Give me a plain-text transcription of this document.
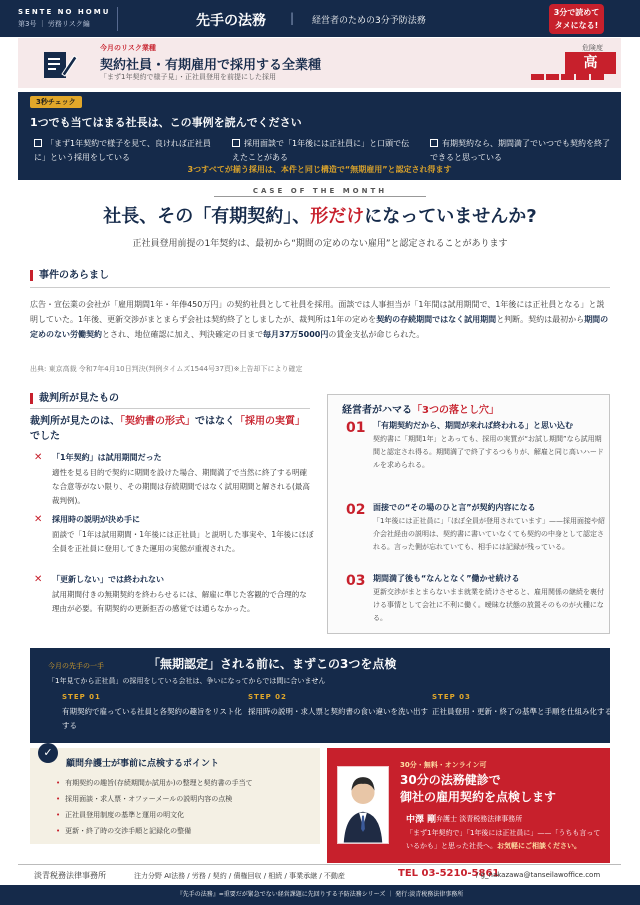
SENTE NO HOMU
第3号 ｜ 労務リスク編	先手の法務 | 経営者のための3分予防法務
3分で読めて
タメになる!
今月のリスク業種
契約社員・有期雇用で採用する全業種
「まず1年契約で様子見」・正社員登用を前提にした採用
危険度
高
3秒チェック
1つでも当てはまる社長は、この事例を読んでください
「まず1年契約で様子を見て、良ければ正社員に」という採用をしている
採用面談で「1年後には正社員に」と口頭で伝えたことがある
有期契約なら、期間満了でいつでも契約を終了できると思っている
3つすべてが揃う採用は、本件と同じ構造で“無期雇用”と認定され得ます
CASE OF THE MONTH
社長、その「有期契約」、形だけになっていませんか?
正社員登用前提の1年契約は、最初から“期間の定めのない雇用”と認定されることがあります
事件のあらまし
広告・宣伝業の会社が「雇用期間1年・年俸450万円」の契約社員として社員を採用。面談では人事担当が「1年間は試用期間で、1年後には正社員となる」と説明していた。1年後、更新交渉がまとまらず会社は契約終了としましたが、裁判所は1年の定めを契約の存続期間ではなく試用期間と判断。契約は最初から期間の定めのない労働契約とされ、地位確認に加え、判決確定の日まで毎月37万5000円の賃金支払が命じられた。
出典: 東京高裁 令和7年4月10日判決(判例タイムズ1544号37頁)※上告却下により確定
裁判所が見たもの
裁判所が見たのは、「契約書の形式」ではなく「採用の実質」でした
✕ 「1年契約」は試用期間だった
適性を見る目的で契約に期間を設けた場合、期間満了で当然に終了する明確な合意等がない限り、その期間は存続期間ではなく試用期間と解される(最高裁判例)。
✕ 採用時の説明が決め手に
面談で「1年は試用期間・1年後には正社員」と説明した事実や、1年後にほぼ全員を正社員に登用してきた運用の実態が重視された。
✕ 「更新しない」では終われない
試用期間付きの無期契約を終わらせるには、解雇に準じた客観的で合理的な理由が必要。有期契約の更新拒否の感覚では通らなかった。
経営者がハマる「3つの落とし穴」
01 「有期契約だから、期間が来れば終われる」と思い込む
契約書に「期間1年」とあっても、採用の実質が“お試し期間”なら試用期間と認定され得る。期間満了で終了するつもりが、解雇と同じ高いハードルを求められる。
02 面接での“その場のひと言”が契約内容になる
「1年後には正社員に」「ほぼ全員が登用されています」——採用面接や紹介会社経由の説明は、契約書に書いていなくても契約の中身として認定される。言った側が忘れていても、相手には記録が残っている。
03 期間満了後も“なんとなく”働かせ続ける
更新交渉がまとまらないまま就業を続けさせると、雇用関係の継続を裏付ける事情として会社に不利に働く。曖昧な状態の放置そのものが火種になる。
今月の先手の一手	「無期認定」される前に、まずこの3つを点検
「1年見てから正社員」の採用をしている会社は、争いになってからでは間に合いません
STEP 01
有期契約で雇っている社員と各契約の趣旨をリスト化する
STEP 02
採用時の説明・求人票と契約書の食い違いを洗い出す
STEP 03
正社員登用・更新・終了の基準と手順を仕組み化する
✓
顧問弁護士が事前に点検するポイント
• 有期契約の趣旨(存続期間か試用か)の整理と契約書の手当て
• 採用面談・求人票・オファーメールの説明内容の点検
• 正社員登用制度の基準と運用の明文化
• 更新・終了時の交渉手順と記録化の整備
30分・無料・オンライン可
30分の法務健診で
御社の雇用契約を点検します
中澤 剛 弁護士 淡青税務法律事務所
「まず1年契約で」「1年後には正社員に」——「うちも言っているかも」と思った社長へ。お気軽にご相談ください。
淡青税務法律事務所	注力分野 AI法務 / 労務 / 契約 / 債権回収 / 相続 / 事業承継 / 不動産	TEL 03-5210-5861
/ g_nakazawa@tanseilawoffice.com
『先手の法務』=重要だが緊急でない経営課題に先回りする予防法務シリーズ ｜ 発行:淡青税務法律事務所
